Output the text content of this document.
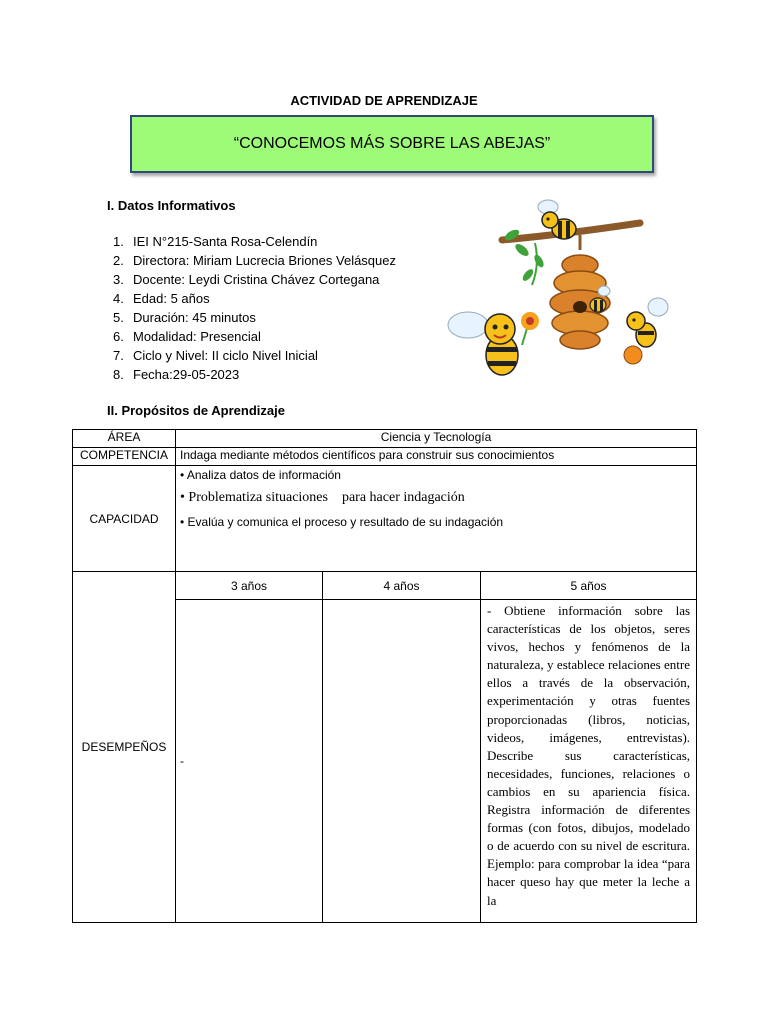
ACTIVIDAD DE APRENDIZAJE
“CONOCEMOS MÁS SOBRE LAS ABEJAS”
I. Datos Informativos
1. IEI N°215-Santa Rosa-Celendín
2. Directora: Miriam Lucrecia Briones Velásquez
3. Docente: Leydi Cristina Chávez Cortegana
4. Edad: 5 años
5. Duración: 45 minutos
6. Modalidad: Presencial
7. Ciclo y Nivel: II ciclo Nivel Inicial
8. Fecha:29-05-2023
II. Propósitos de Aprendizaje
ÁREA	Ciencia y Tecnología		
COMPETENCIA	Indaga mediante métodos científicos para construir sus conocimientos		
CAPACIDAD	• Analiza datos de información
• Problematiza situaciones    para hacer indagación
• Evalúa y comunica el proceso y resultado de su indagación		

DESEMPEÑOS	3 años	4 años	5 años
	-		- Obtiene información sobre las características de los objetos, seres vivos, hechos y fenómenos de la naturaleza, y establece relaciones entre ellos a través de la observación, experimentación y otras fuentes proporcionadas (libros, noticias, videos, imágenes, entrevistas). Describe sus características, necesidades, funciones, relaciones o cambios en su apariencia física. Registra información de diferentes formas (con fotos, dibujos, modelado o de acuerdo con su nivel de escritura. Ejemplo: para comprobar la idea “para hacer queso hay que meter la leche a la
